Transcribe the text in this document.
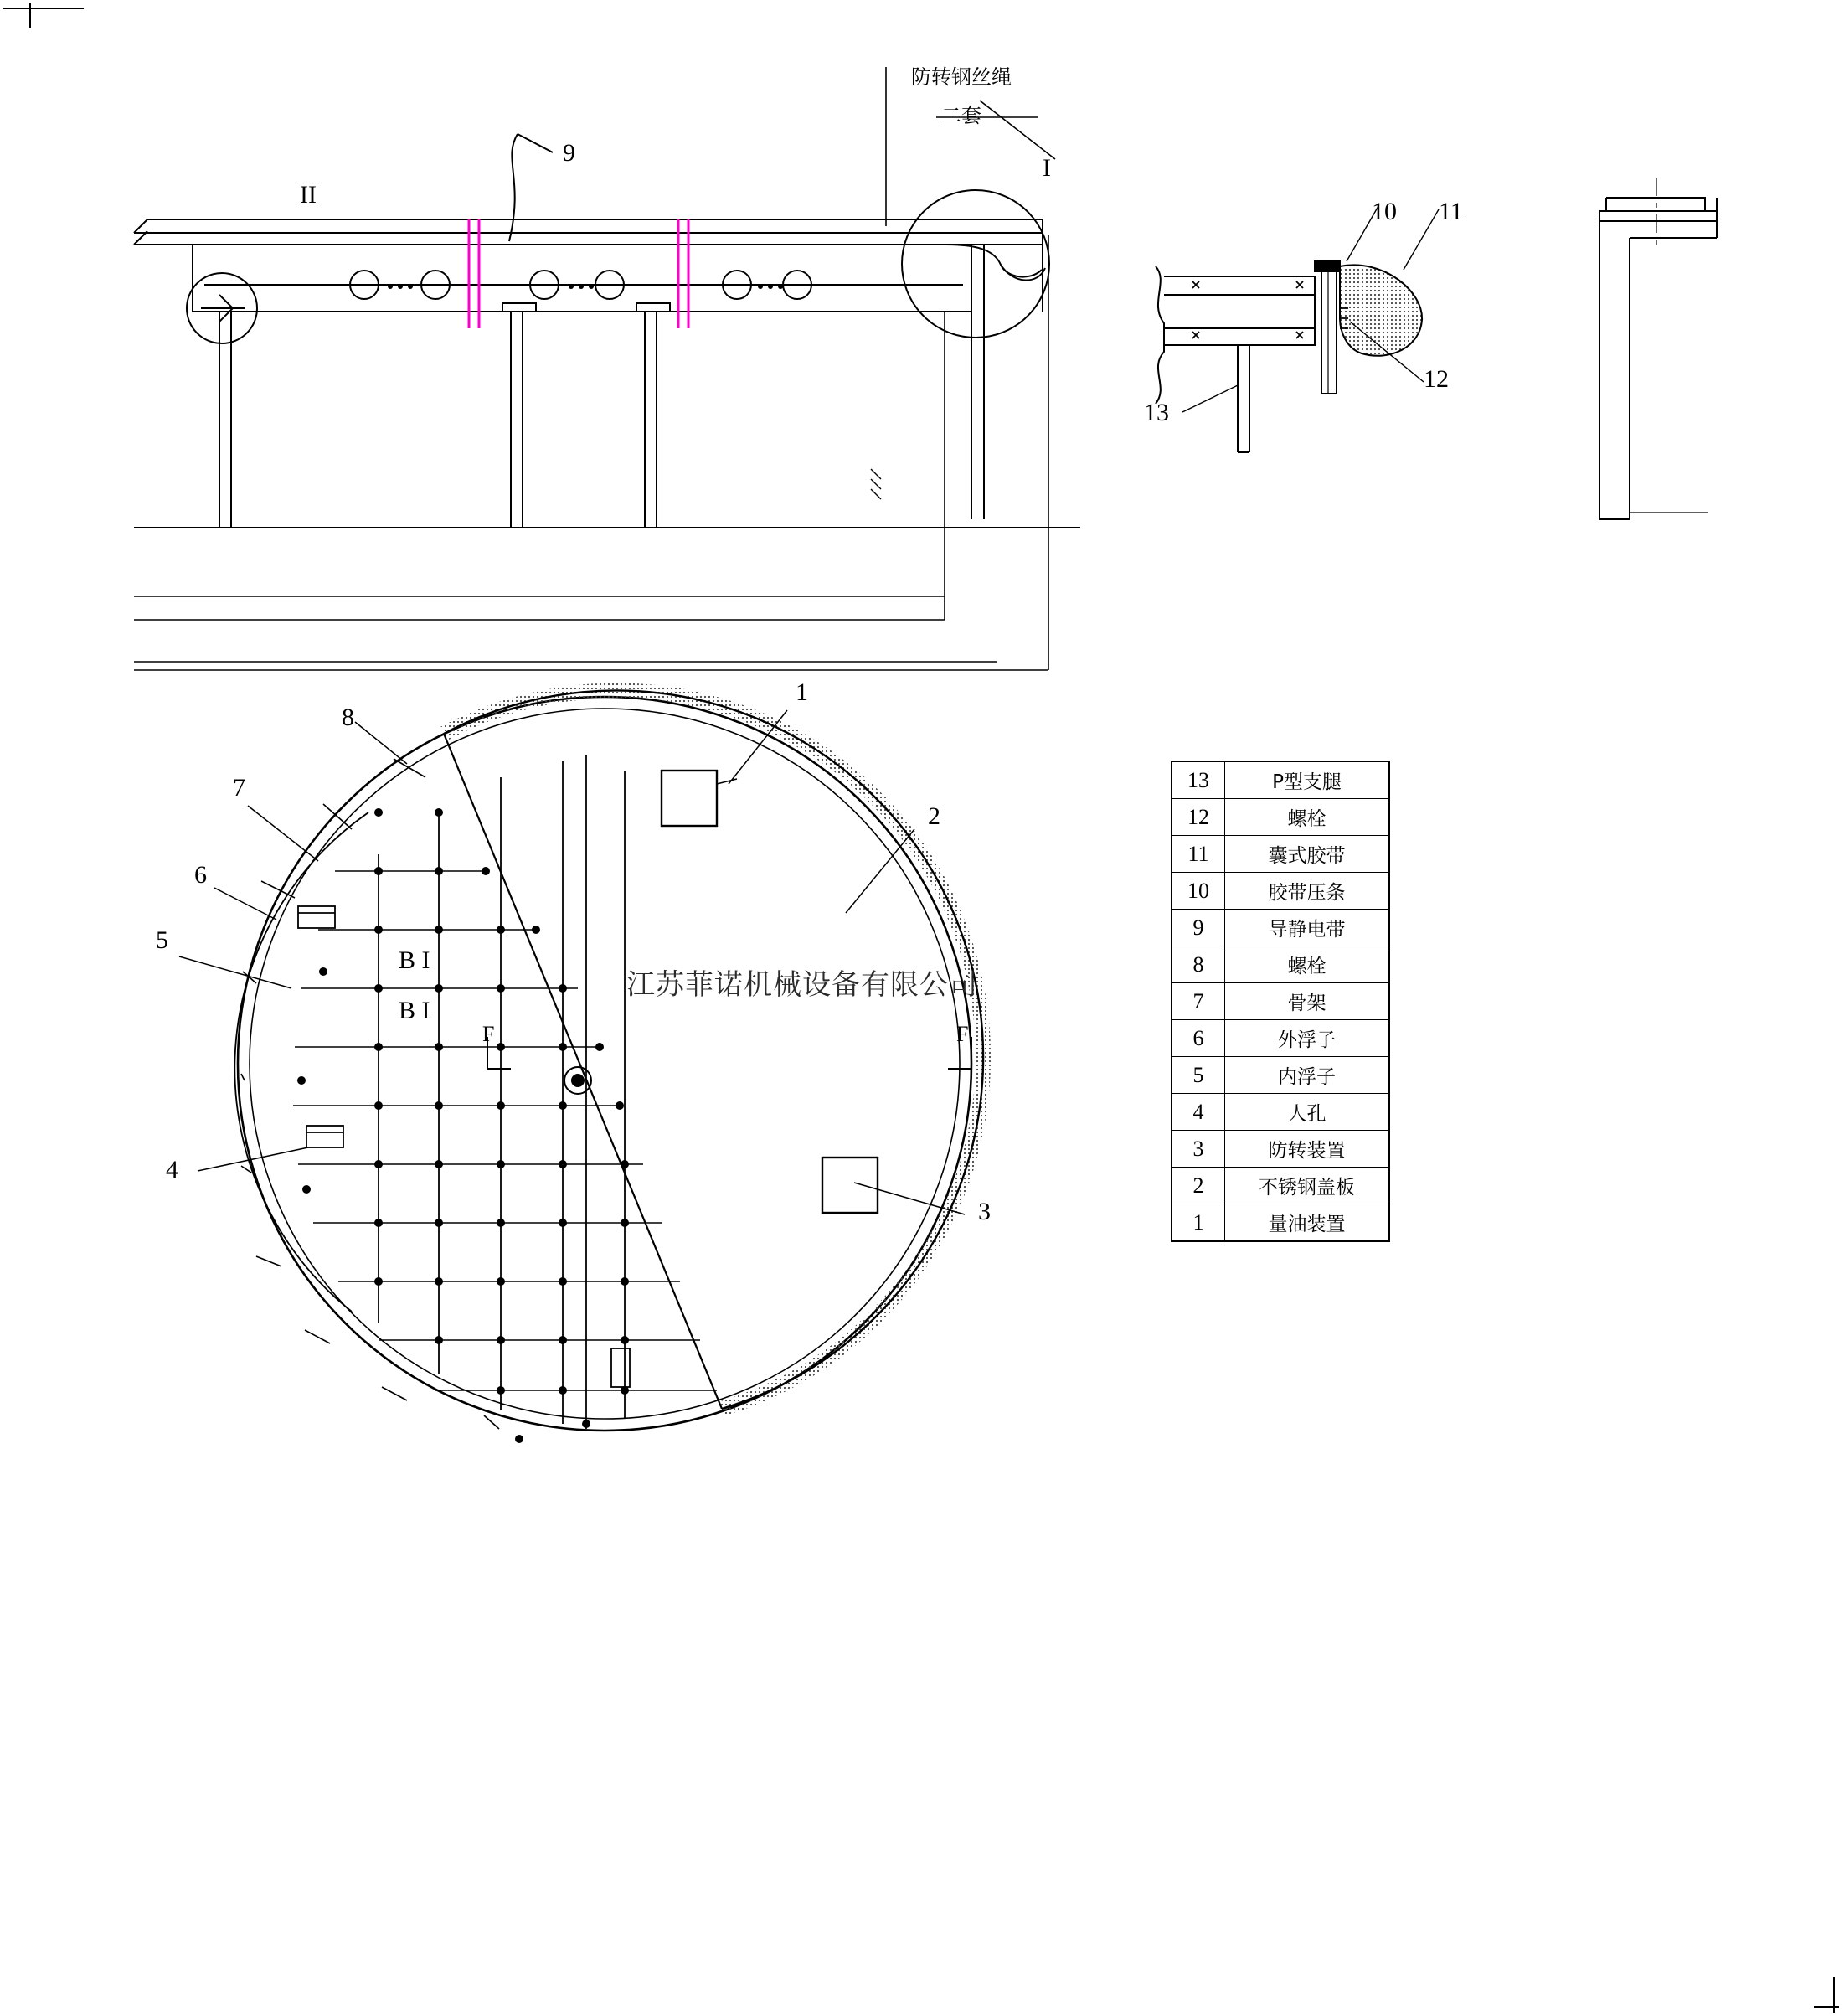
防转钢丝绳
二套
9
I
II
10 11
12
13
1
2
3
4
5
6
7
8
B I
B I
F	F
江苏菲诺机械设备有限公司
13	P型支腿
12	螺栓
11	囊式胶带
10	胶带压条
9	导静电带
8	螺栓
7	骨架
6	外浮子
5	内浮子
4	人孔
3	防转装置
2	不锈钢盖板
1	量油装置
